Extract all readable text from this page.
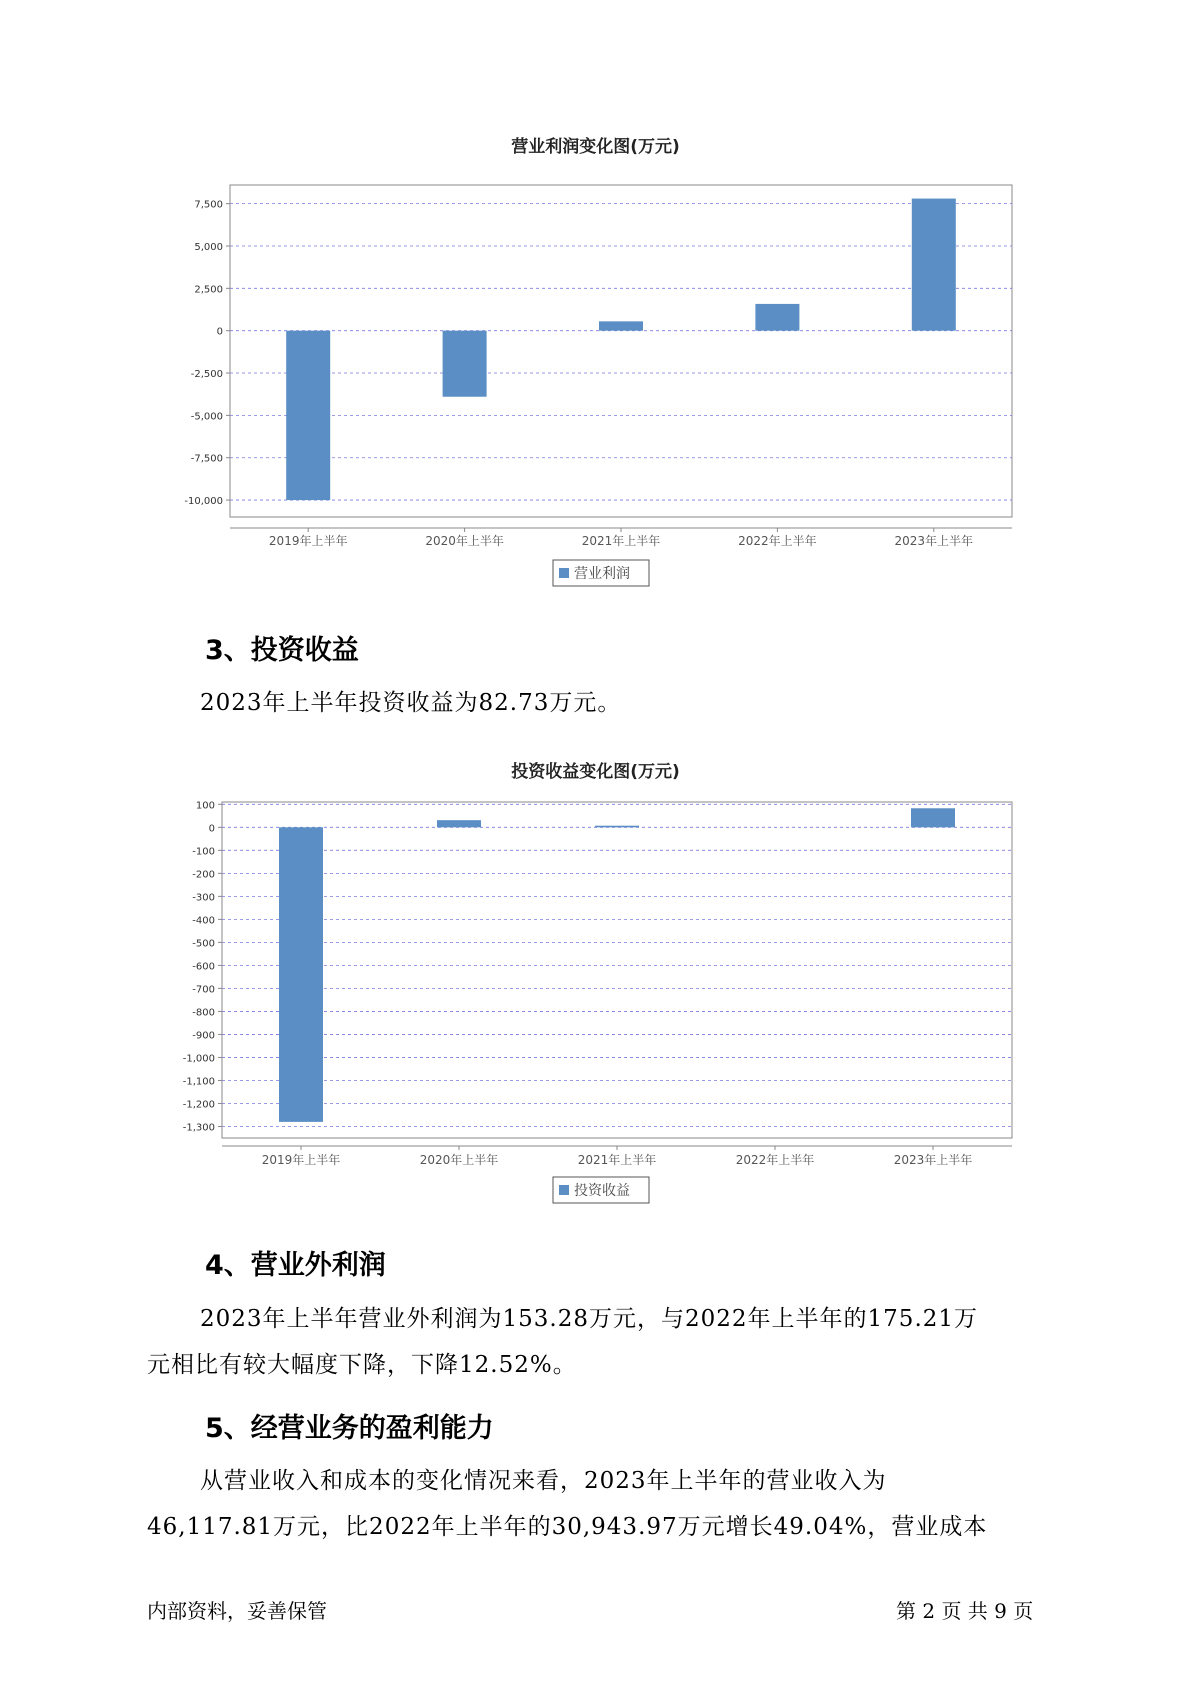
营业利润变化图(万元)
7,500
5,000
2,500
0
-2,500
-5,000
-7,500
-10,000
2019年上半年	2020年上半年	2021年上半年	2022年上半年	2023年上半年
营业利润
3、投资收益
2023年上半年投资收益为82.73万元。
投资收益变化图(万元)
100
0
-100
-200
-300
-400
-500
-600
-700
-800
-900
-1,000
-1,100
-1,200
-1,300
2019年上半年	2020年上半年	2021年上半年	2022年上半年	2023年上半年
投资收益
4、营业外利润
2023年上半年营业外利润为153.28万元，与2022年上半年的175.21万
元相比有较大幅度下降，下降12.52%。
5、经营业务的盈利能力
从营业收入和成本的变化情况来看，2023年上半年的营业收入为
46,117.81万元，比2022年上半年的30,943.97万元增长49.04%，营业成本
内部资料，妥善保管	第 2 页 共 9 页
